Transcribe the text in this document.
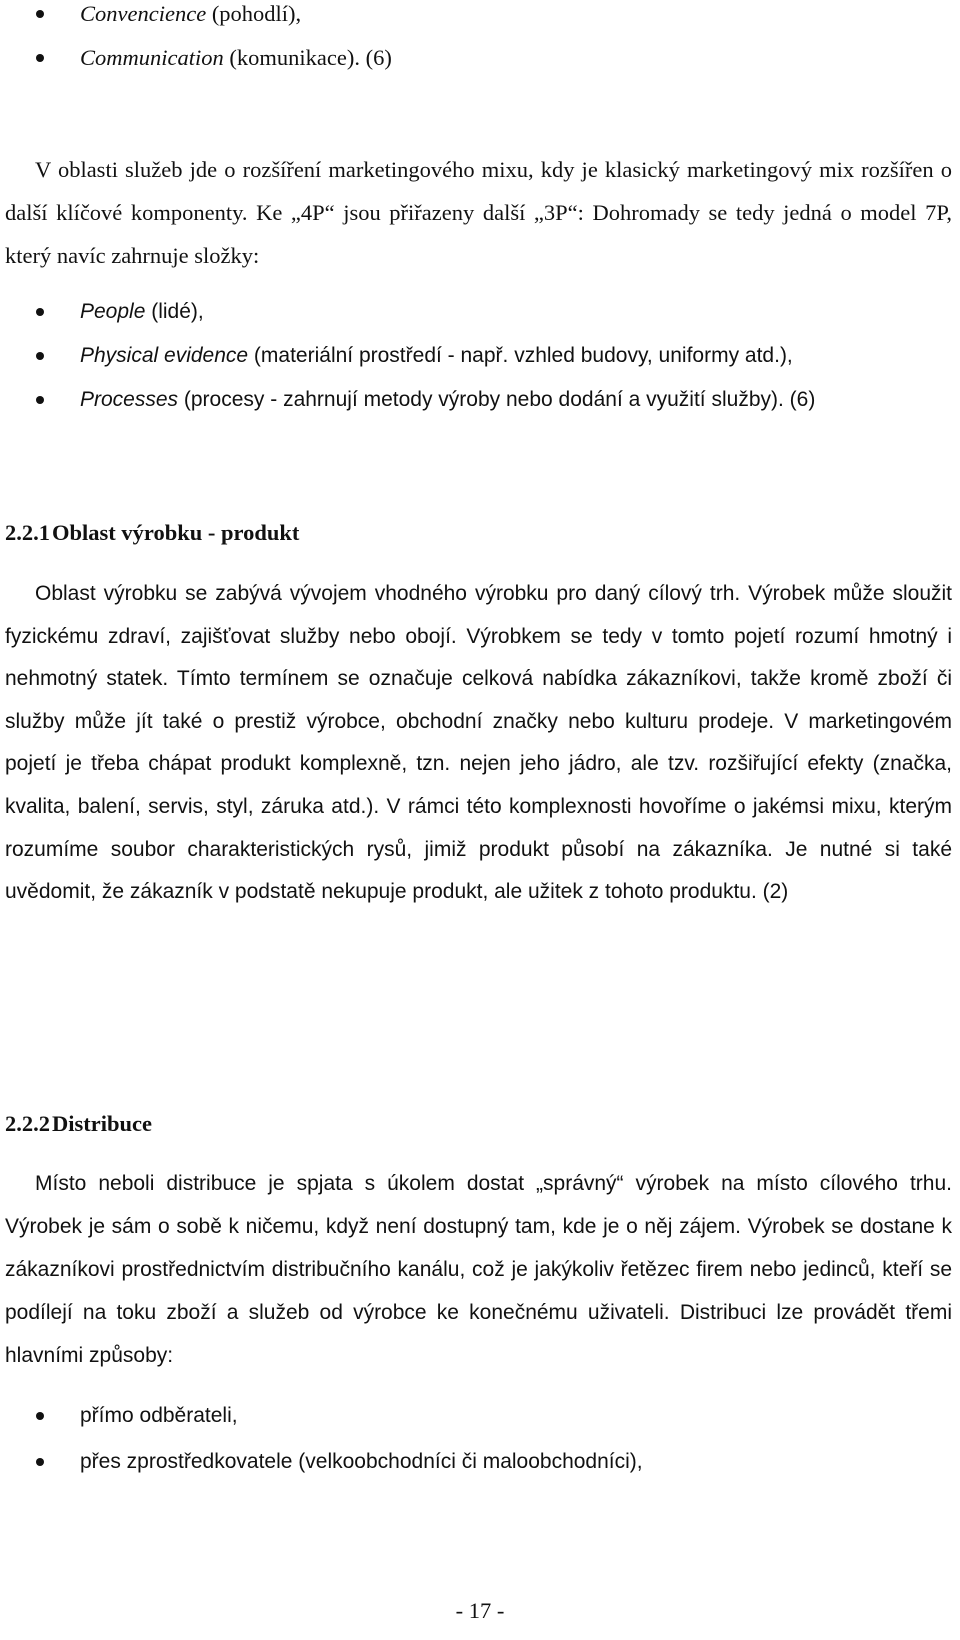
Convencience (pohodlí),
Communication (komunikace). (6)

V oblasti služeb jde o rozšíření marketingového mixu, kdy je klasický marketingový mix rozšířen o další klíčové komponenty. Ke „4P“ jsou přiřazeny další „3P“: Dohromady se tedy jedná o model 7P, který navíc zahrnuje složky:

People (lidé),
Physical evidence (materiální prostředí - např. vzhled budovy, uniformy atd.),
Processes (procesy - zahrnují metody výroby nebo dodání a využití služby). (6)
2.2.1Oblast výrobku - produkt

Oblast výrobku se zabývá vývojem vhodného výrobku pro daný cílový trh. Výrobek může sloužit fyzickému zdraví, zajišťovat služby nebo obojí. Výrobkem se tedy v tomto pojetí rozumí hmotný i nehmotný statek. Tímto termínem se označuje celková nabídka zákazníkovi, takže kromě zboží či služby může jít také o prestiž výrobce, obchodní značky nebo kulturu prodeje. V marketingovém pojetí je třeba chápat produkt komplexně, tzn. nejen jeho jádro, ale tzv. rozšiřující efekty (značka, kvalita, balení, servis, styl, záruka atd.). V rámci této komplexnosti hovoříme o jakémsi mixu, kterým rozumíme soubor charakteristických rysů, jimiž produkt působí na zákazníka. Je nutné si také uvědomit, že zákazník v podstatě nekupuje produkt, ale užitek z tohoto produktu. (2)

2.2.2Distribuce

Místo neboli distribuce je spjata s úkolem dostat „správný“ výrobek na místo cílového trhu. Výrobek je sám o sobě k ničemu, když není dostupný tam, kde je o něj zájem. Výrobek se dostane k zákazníkovi prostřednictvím distribučního kanálu, což je jakýkoliv řetězec firem nebo jedinců, kteří se podílejí na toku zboží a služeb od výrobce ke konečnému uživateli. Distribuci lze provádět třemi hlavními způsoby:

přímo odběrateli,
přes zprostředkovatele (velkoobchodníci či maloobchodníci),
- 17 -
